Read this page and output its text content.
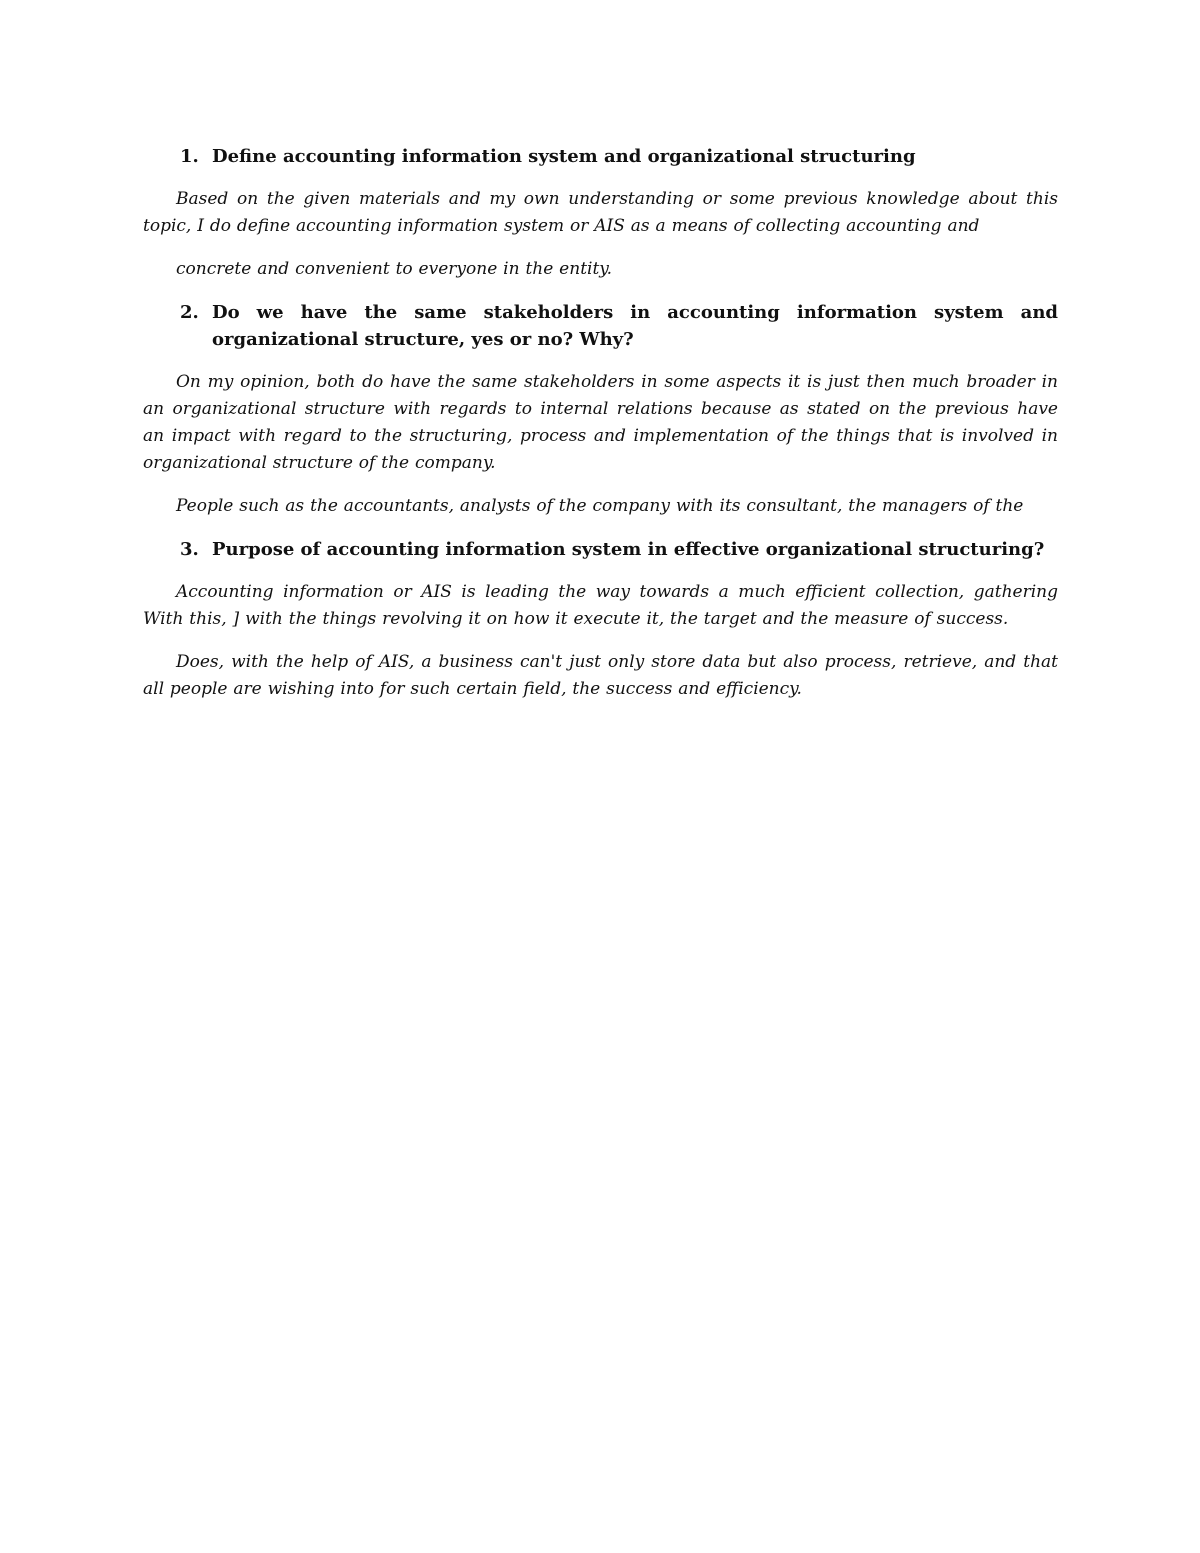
1. Define accounting information system and organizational structuring

Based on the given materials and my own understanding or some previous knowledge about this
topic, I do define accounting information system or AIS as a means of collecting accounting and

concrete and convenient to everyone in the entity.

2. Do we have the same stakeholders in accounting information system and
organizational structure, yes or no? Why?

On my opinion, both do have the same stakeholders in some aspects it is just then much broader in
an organizational structure with regards to internal relations because as stated on the previous have
an impact with regard to the structuring, process and implementation of the things that is involved in
organizational structure of the company.

People such as the accountants, analysts of the company with its consultant, the managers of the

3. Purpose of accounting information system in effective organizational structuring?

Accounting information or AIS is leading the way towards a much efficient collection, gathering
With this, ] with the things revolving it on how it execute it, the target and the measure of success.

Does, with the help of AIS, a business can't just only store data but also process, retrieve, and that
all people are wishing into for such certain field, the success and efficiency.
